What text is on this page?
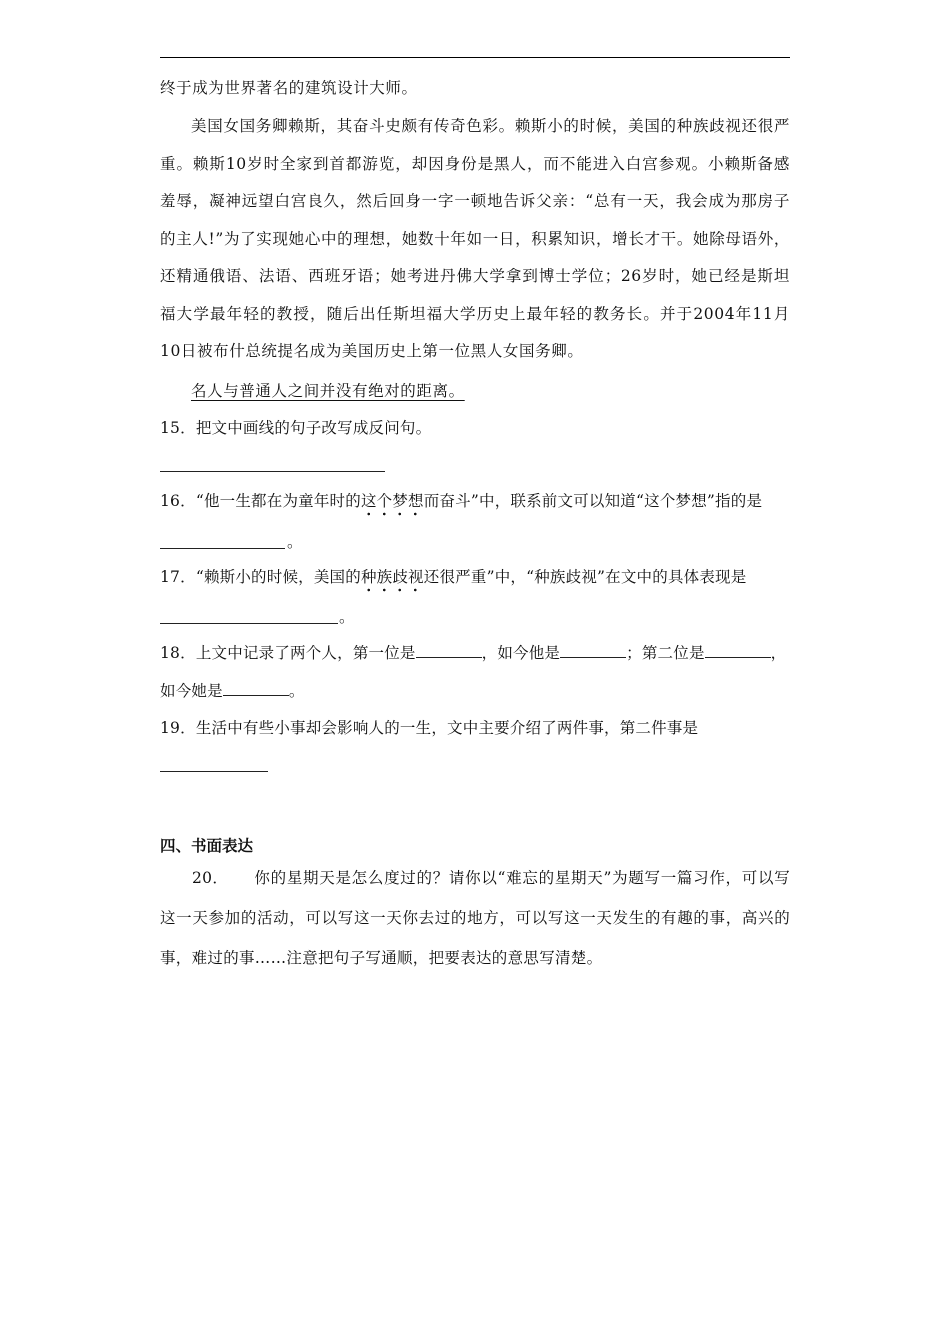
终于成为世界著名的建筑设计大师。
美国女国务卿赖斯，其奋斗史颇有传奇色彩。赖斯小的时候，美国的种族歧视还很严重。赖斯10岁时全家到首都游览，却因身份是黑人，而不能进入白宫参观。小赖斯备感羞辱，凝神远望白宫良久，然后回身一字一顿地告诉父亲：“总有一天，我会成为那房子的主人!”为了实现她心中的理想，她数十年如一日，积累知识，增长才干。她除母语外，还精通俄语、法语、西班牙语；她考进丹佛大学拿到博士学位；26岁时，她已经是斯坦福大学最年轻的教授，随后出任斯坦福大学历史上最年轻的教务长。并于2004年11月10日被布什总统提名成为美国历史上第一位黑人女国务卿。
名人与普通人之间并没有绝对的距离。
15．把文中画线的句子改写成反问句。
16．“他一生都在为童年时的这个梦想而奋斗”中，联系前文可以知道“这个梦想”指的是
。
17．“赖斯小的时候，美国的种族歧视还很严重”中，“种族歧视”在文中的具体表现是
。
18．上文中记录了两个人，第一位是	，如今他是	；第二位是	，
如今她是	。
19．生活中有些小事却会影响人的一生，文中主要介绍了两件事，第二件事是
四、书面表达
20． 你的星期天是怎么度过的？请你以“难忘的星期天”为题写一篇习作，可以写这一天参加的活动，可以写这一天你去过的地方，可以写这一天发生的有趣的事，高兴的事，难过的事……注意把句子写通顺，把要表达的意思写清楚。
